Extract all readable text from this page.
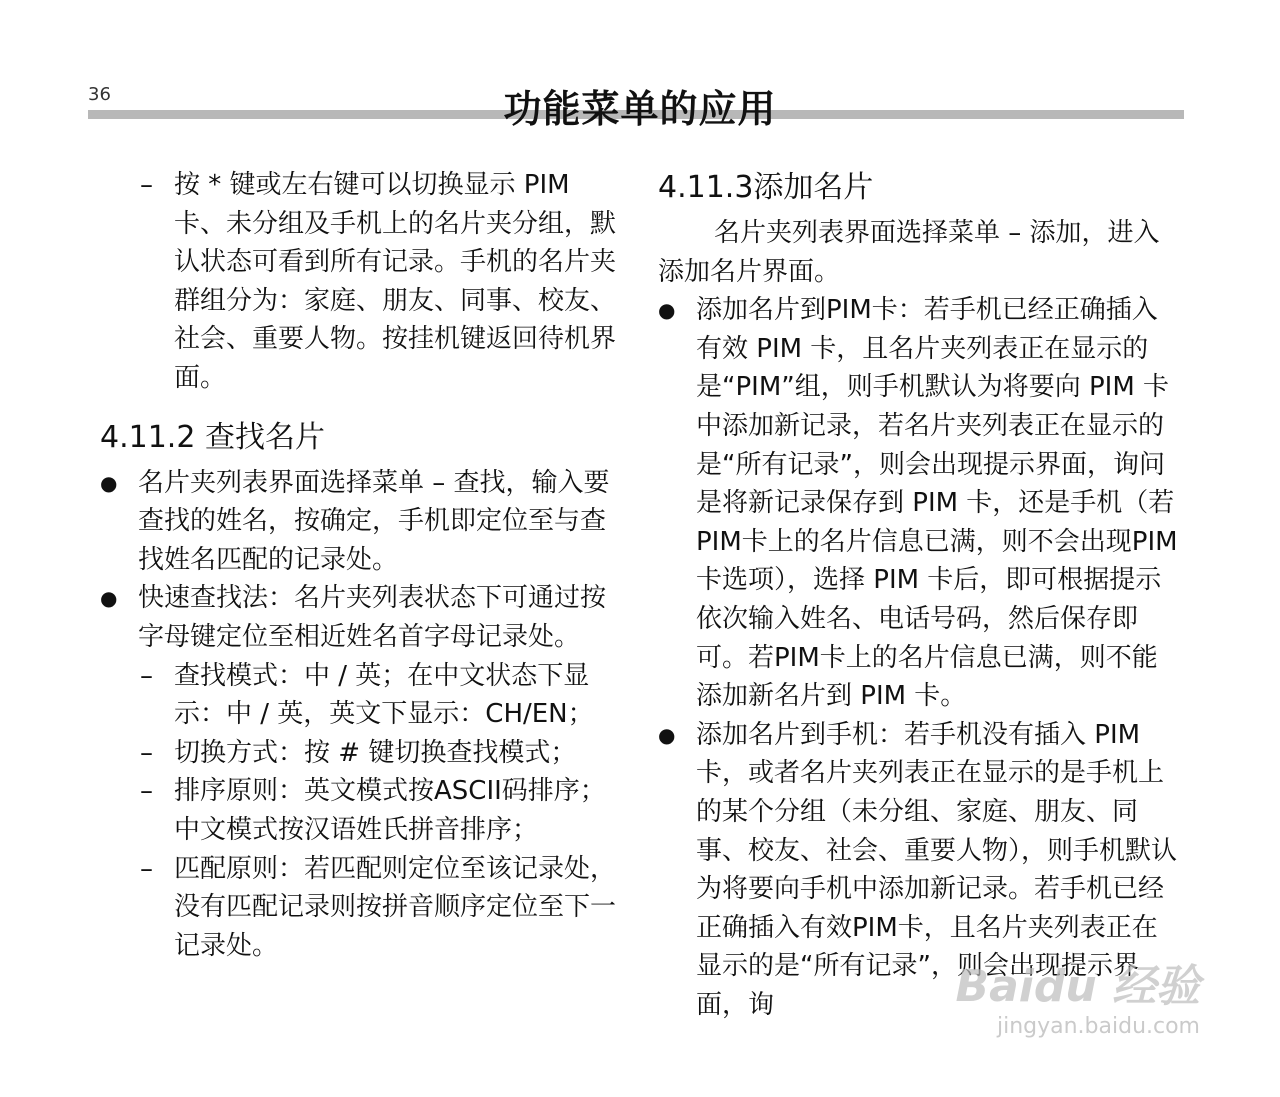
36	功能菜单的应用

– 按 * 键或左右键可以切换显示 PIM 卡、未分组及手机上的名片夹分组，默认状态可看到所有记录。手机的名片夹群组分为：家庭、朋友、同事、校友、社会、重要人物。按挂机键返回待机界面。

4.11.2 查找名片

● 名片夹列表界面选择菜单 – 查找，输入要查找的姓名，按确定，手机即定位至与查找姓名匹配的记录处。

● 快速查找法：名片夹列表状态下可通过按字母键定位至相近姓名首字母记录处。

– 查找模式：中 / 英；在中文状态下显示：中 / 英，英文下显示：CH/EN；

– 切换方式：按 # 键切换查找模式；

– 排序原则：英文模式按ASCII码排序；中文模式按汉语姓氏拼音排序；

– 匹配原则：若匹配则定位至该记录处，没有匹配记录则按拼音顺序定位至下一记录处。

4.11.3添加名片

名片夹列表界面选择菜单 – 添加，进入添加名片界面。

● 添加名片到PIM卡：若手机已经正确插入有效 PIM 卡，且名片夹列表正在显示的是“PIM”组，则手机默认为将要向 PIM 卡中添加新记录，若名片夹列表正在显示的是“所有记录”，则会出现提示界面，询问是将新记录保存到 PIM 卡，还是手机（若PIM卡上的名片信息已满，则不会出现PIM 卡选项），选择 PIM 卡后，即可根据提示依次输入姓名、电话号码，然后保存即可。若PIM卡上的名片信息已满，则不能添加新名片到 PIM 卡。

● 添加名片到手机：若手机没有插入 PIM 卡，或者名片夹列表正在显示的是手机上的某个分组（未分组、家庭、朋友、同事、校友、社会、重要人物），则手机默认为将要向手机中添加新记录。若手机已经正确插入有效PIM卡，且名片夹列表正在显示的是“所有记录”，则会出现提示界面，询	Baidu 经验
jingyan.baidu.com
